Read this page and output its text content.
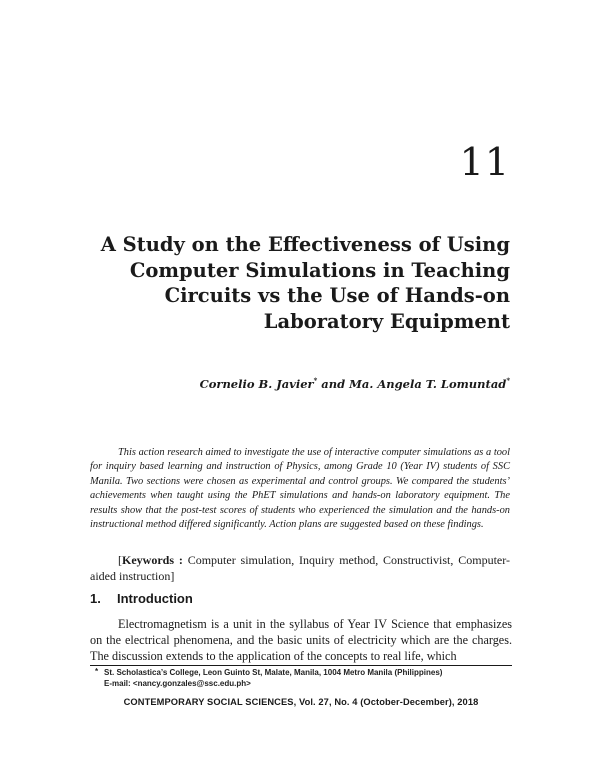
11
A Study on the Effectiveness of Using
Computer Simulations in Teaching
Circuits vs the Use of Hands-on
Laboratory Equipment
Cornelio B. Javier* and Ma. Angela T. Lomuntad*
This action research aimed to investigate the use of interactive computer simulations as a tool for inquiry based learning and instruction of Physics, among Grade 10 (Year IV) students of SSC Manila. Two sections were chosen as experimental and control groups. We compared the students’ achievements when taught using the PhET simulations and hands-on laboratory equipment. The results show that the post-test scores of students who experienced the simulation and the hands-on instructional method differed significantly. Action plans are suggested based on these findings.
[Keywords : Computer simulation, Inquiry method, Constructivist, Computer-aided instruction]
1. Introduction
Electromagnetism is a unit in the syllabus of Year IV Science that emphasizes on the electrical phenomena, and the basic units of electricity which are the charges. The discussion extends to the application of the concepts to real life, which
* St. Scholastica’s College, Leon Guinto St, Malate, Manila, 1004 Metro Manila (Philippines)
E-mail: <nancy.gonzales@ssc.edu.ph>
CONTEMPORARY SOCIAL SCIENCES, Vol. 27, No. 4 (October-December), 2018
